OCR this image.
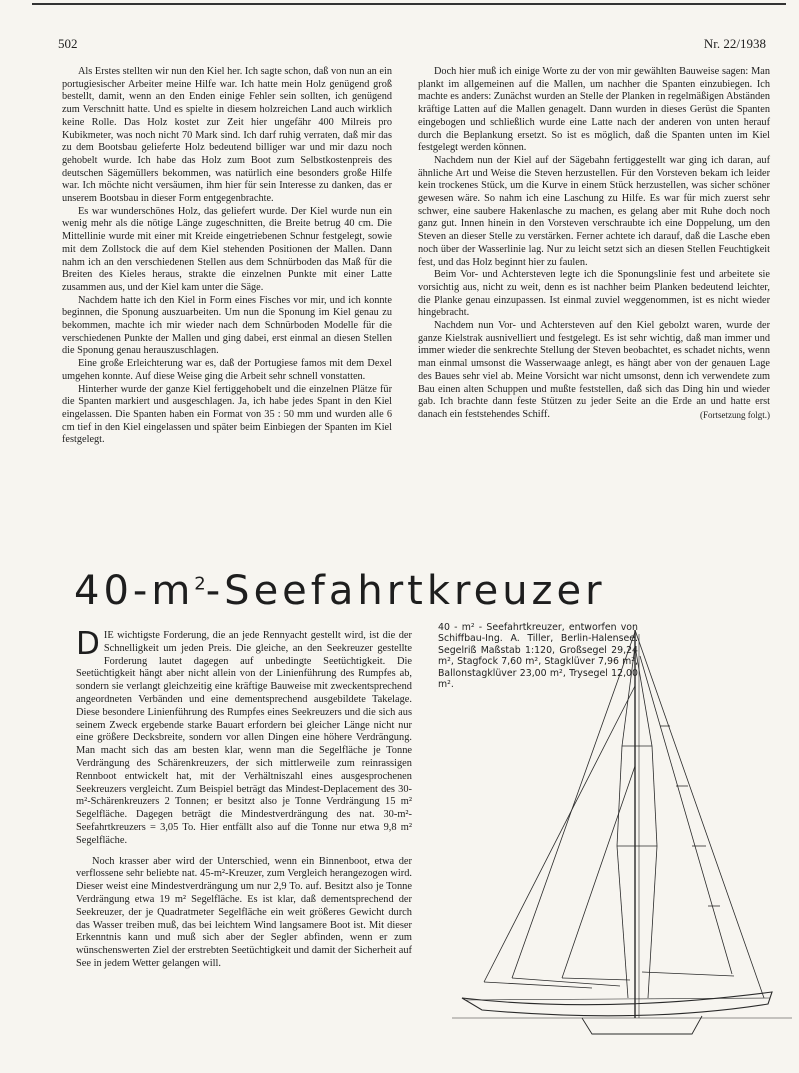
502	Nr. 22/1938

Als Erstes stellten wir nun den Kiel her. Ich sagte schon, daß von nun an ein portugiesischer Arbeiter meine Hilfe war. Ich hatte mein Holz genügend groß bestellt, damit, wenn an den Enden einige Fehler sein sollten, ich genügend zum Verschnitt hatte. Und es spielte in diesem holzreichen Land auch wirklich keine Rolle. Das Holz kostet zur Zeit hier ungefähr 400 Milreis pro Kubikmeter, was noch nicht 70 Mark sind. Ich darf ruhig verraten, daß mir das zu dem Bootsbau gelieferte Holz bedeutend billiger war und mir dazu noch gehobelt wurde. Ich habe das Holz zum Boot zum Selbstkostenpreis des deutschen Sägemüllers bekommen, was natürlich eine besonders große Hilfe war. Ich möchte nicht versäumen, ihm hier für sein Interesse zu danken, das er unserem Bootsbau in dieser Form entgegenbrachte.

Es war wunderschönes Holz, das geliefert wurde. Der Kiel wurde nun ein wenig mehr als die nötige Länge zugeschnitten, die Breite betrug 40 cm. Die Mittellinie wurde mit einer mit Kreide eingetriebenen Schnur festgelegt, sowie mit dem Zollstock die auf dem Kiel stehenden Positionen der Mallen. Dann nahm ich an den verschiedenen Stellen aus dem Schnürboden das Maß für die Breiten des Kieles heraus, strakte die einzelnen Punkte mit einer Latte zusammen aus, und der Kiel kam unter die Säge.

Nachdem hatte ich den Kiel in Form eines Fisches vor mir, und ich konnte beginnen, die Sponung auszuarbeiten. Um nun die Sponung im Kiel genau zu bekommen, machte ich mir wieder nach dem Schnürboden Modelle für die verschiedenen Punkte der Mallen und ging dabei, erst einmal an diesen Stellen die Sponung genau herauszuschlagen.

Eine große Erleichterung war es, daß der Portugiese famos mit dem Dexel umgehen konnte. Auf diese Weise ging die Arbeit sehr schnell vonstatten.

Hinterher wurde der ganze Kiel fertiggehobelt und die einzelnen Plätze für die Spanten markiert und ausgeschlagen. Ja, ich habe jedes Spant in den Kiel eingelassen. Die Spanten haben ein Format von 35 : 50 mm und wurden alle 6 cm tief in den Kiel eingelassen und später beim Einbiegen der Spanten im Kiel festgelegt.

Doch hier muß ich einige Worte zu der von mir gewählten Bauweise sagen: Man plankt im allgemeinen auf die Mallen, um nachher die Spanten einzubiegen. Ich machte es anders: Zunächst wurden an Stelle der Planken in regelmäßigen Abständen kräftige Latten auf die Mallen genagelt. Dann wurden in dieses Gerüst die Spanten eingebogen und schließlich wurde eine Latte nach der anderen von unten herauf durch die Beplankung ersetzt. So ist es möglich, daß die Spanten unten im Kiel festgelegt werden können.

Nachdem nun der Kiel auf der Sägebahn fertiggestellt war ging ich daran, auf ähnliche Art und Weise die Steven herzustellen. Für den Vorsteven bekam ich leider kein trockenes Stück, um die Kurve in einem Stück herzustellen, was sicher schöner gewesen wäre. So nahm ich eine Laschung zu Hilfe. Es war für mich zuerst sehr schwer, eine saubere Hakenlasche zu machen, es gelang aber mit Ruhe doch noch ganz gut. Innen hinein in den Vorsteven verschraubte ich eine Doppelung, um den Steven an dieser Stelle zu verstärken. Ferner achtete ich darauf, daß die Lasche eben noch über der Wasserlinie lag. Nur zu leicht setzt sich an diesen Stellen Feuchtigkeit fest, und das Holz beginnt hier zu faulen.

Beim Vor- und Achtersteven legte ich die Sponungslinie fest und arbeitete sie vorsichtig aus, nicht zu weit, denn es ist nachher beim Planken bedeutend leichter, die Planke genau einzupassen. Ist einmal zuviel weggenommen, ist es nicht wieder hingebracht.

Nachdem nun Vor- und Achtersteven auf den Kiel gebolzt waren, wurde der ganze Kielstrak ausnivelliert und festgelegt. Es ist sehr wichtig, daß man immer und immer wieder die senkrechte Stellung der Steven beobachtet, es schadet nichts, wenn man einmal umsonst die Wasserwaage anlegt, es hängt aber von der genauen Lage des Baues sehr viel ab. Meine Vorsicht war nicht umsonst, denn ich verwendete zum Bau einen alten Schuppen und mußte feststellen, daß sich das Ding hin und wieder gab. Ich brachte dann feste Stützen zu jeder Seite an die Erde an und hatte erst danach ein feststehendes Schiff.	(Fortsetzung folgt.)

$40-m^2$-Seefahrtkreuzer

DIE wichtigste Forderung, die an jede Rennyacht gestellt wird, ist die der Schnelligkeit um jeden Preis. Die gleiche, an den Seekreuzer gestellte Forderung lautet dagegen auf unbedingte Seetüchtigkeit. Die Seetüchtigkeit hängt aber nicht allein von der Linienführung des Rumpfes ab, sondern sie verlangt gleichzeitig eine kräftige Bauweise mit zweckentsprechend angeordneten Verbänden und eine dementsprechend ausgebildete Takelage. Diese besondere Linienführung des Rumpfes eines Seekreuzers und die sich aus seinem Zweck ergebende starke Bauart erfordern bei gleicher Länge nicht nur eine größere Decksbreite, sondern vor allen Dingen eine höhere Verdrängung. Man macht sich das am besten klar, wenn man die Segelfläche je Tonne Verdrängung des Schärenkreuzers, der sich mittlerweile zum reinrassigen Rennboot entwickelt hat, mit der Verhältniszahl eines ausgesprochenen Seekreuzers vergleicht. Zum Beispiel beträgt das Mindest-Deplacement des 30-m²-Schärenkreuzers 2 Tonnen; er besitzt also je Tonne Verdrängung 15 m² Segelfläche. Dagegen beträgt die Mindestverdrängung des nat. 30-m²-Seefahrtkreuzers = 3,05 To. Hier entfällt also auf die Tonne nur etwa 9,8 m² Segelfläche.

Noch krasser aber wird der Unterschied, wenn ein Binnenboot, etwa der verflossene sehr beliebte nat. 45-m²-Kreuzer, zum Vergleich herangezogen wird. Dieser weist eine Mindestverdrängung um nur 2,9 To. auf. Besitzt also je Tonne Verdrängung etwa 19 m² Segelfläche. Es ist klar, daß dementsprechend der Seekreuzer, der je Quadratmeter Segelfläche ein weit größeres Gewicht durch das Wasser treiben muß, das bei leichtem Wind langsamere Boot ist. Mit dieser Erkenntnis kann und muß sich aber der Segler abfinden, wenn er zum wünschenswerten Ziel der erstrebten Seetüchtigkeit und damit der Sicherheit auf See in jedem Wetter gelangen will.

40 - m² - Seefahrtkreuzer, entworfen von Schiffbau-Ing. A. Tiller, Berlin-Halensee. Segelriß Maßstab 1:120, Großsegel 29,24 m², Stagfock 7,60 m², Stagklüver 7,96 m², Ballonstagklüver 23,00 m², Trysegel 12,00 m².
